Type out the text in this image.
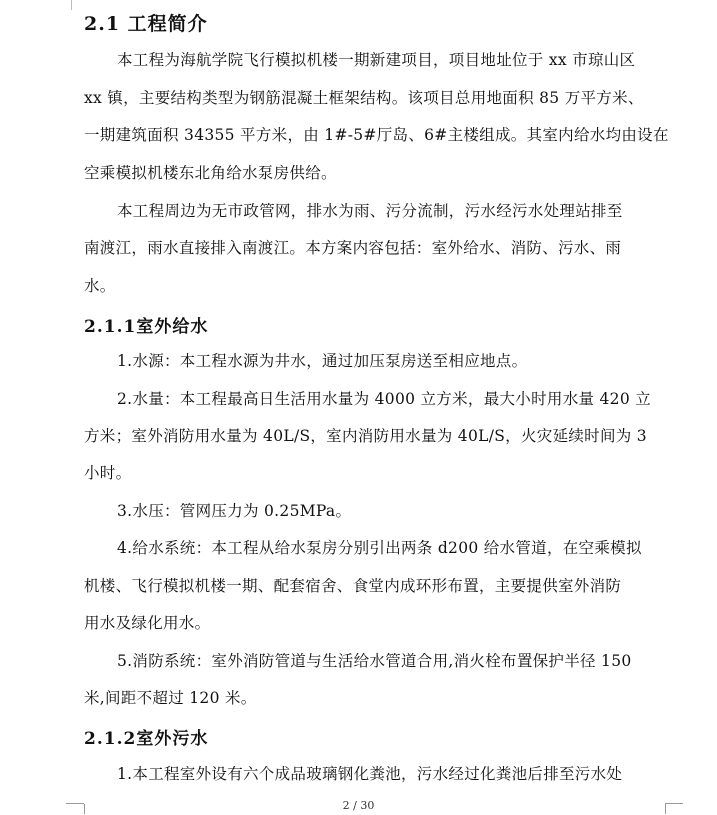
2.1 工程简介
本工程为海航学院飞行模拟机楼一期新建项目，项目地址位于 xx 市琼山区
xx 镇，主要结构类型为钢筋混凝土框架结构。该项目总用地面积 85 万平方米、
一期建筑面积 34355 平方米，由 1#-5#厅岛、6#主楼组成。其室内给水均由设在
空乘模拟机楼东北角给水泵房供给。
本工程周边为无市政管网，排水为雨、污分流制，污水经污水处理站排至
南渡江，雨水直接排入南渡江。本方案内容包括：室外给水、消防、污水、雨
水。
2.1.1室外给水
1.水源：本工程水源为井水，通过加压泵房送至相应地点。
2.水量：本工程最高日生活用水量为 4000 立方米，最大小时用水量 420 立
方米；室外消防用水量为 40L/S，室内消防用水量为 40L/S，火灾延续时间为 3
小时。
3.水压：管网压力为 0.25MPa。
4.给水系统：本工程从给水泵房分别引出两条 d200 给水管道，在空乘模拟
机楼、飞行模拟机楼一期、配套宿舍、食堂内成环形布置，主要提供室外消防
用水及绿化用水。
5.消防系统：室外消防管道与生活给水管道合用,消火栓布置保护半径 150
米,间距不超过 120 米。
2.1.2室外污水
1.本工程室外设有六个成品玻璃钢化粪池，污水经过化粪池后排至污水处
2 / 30
